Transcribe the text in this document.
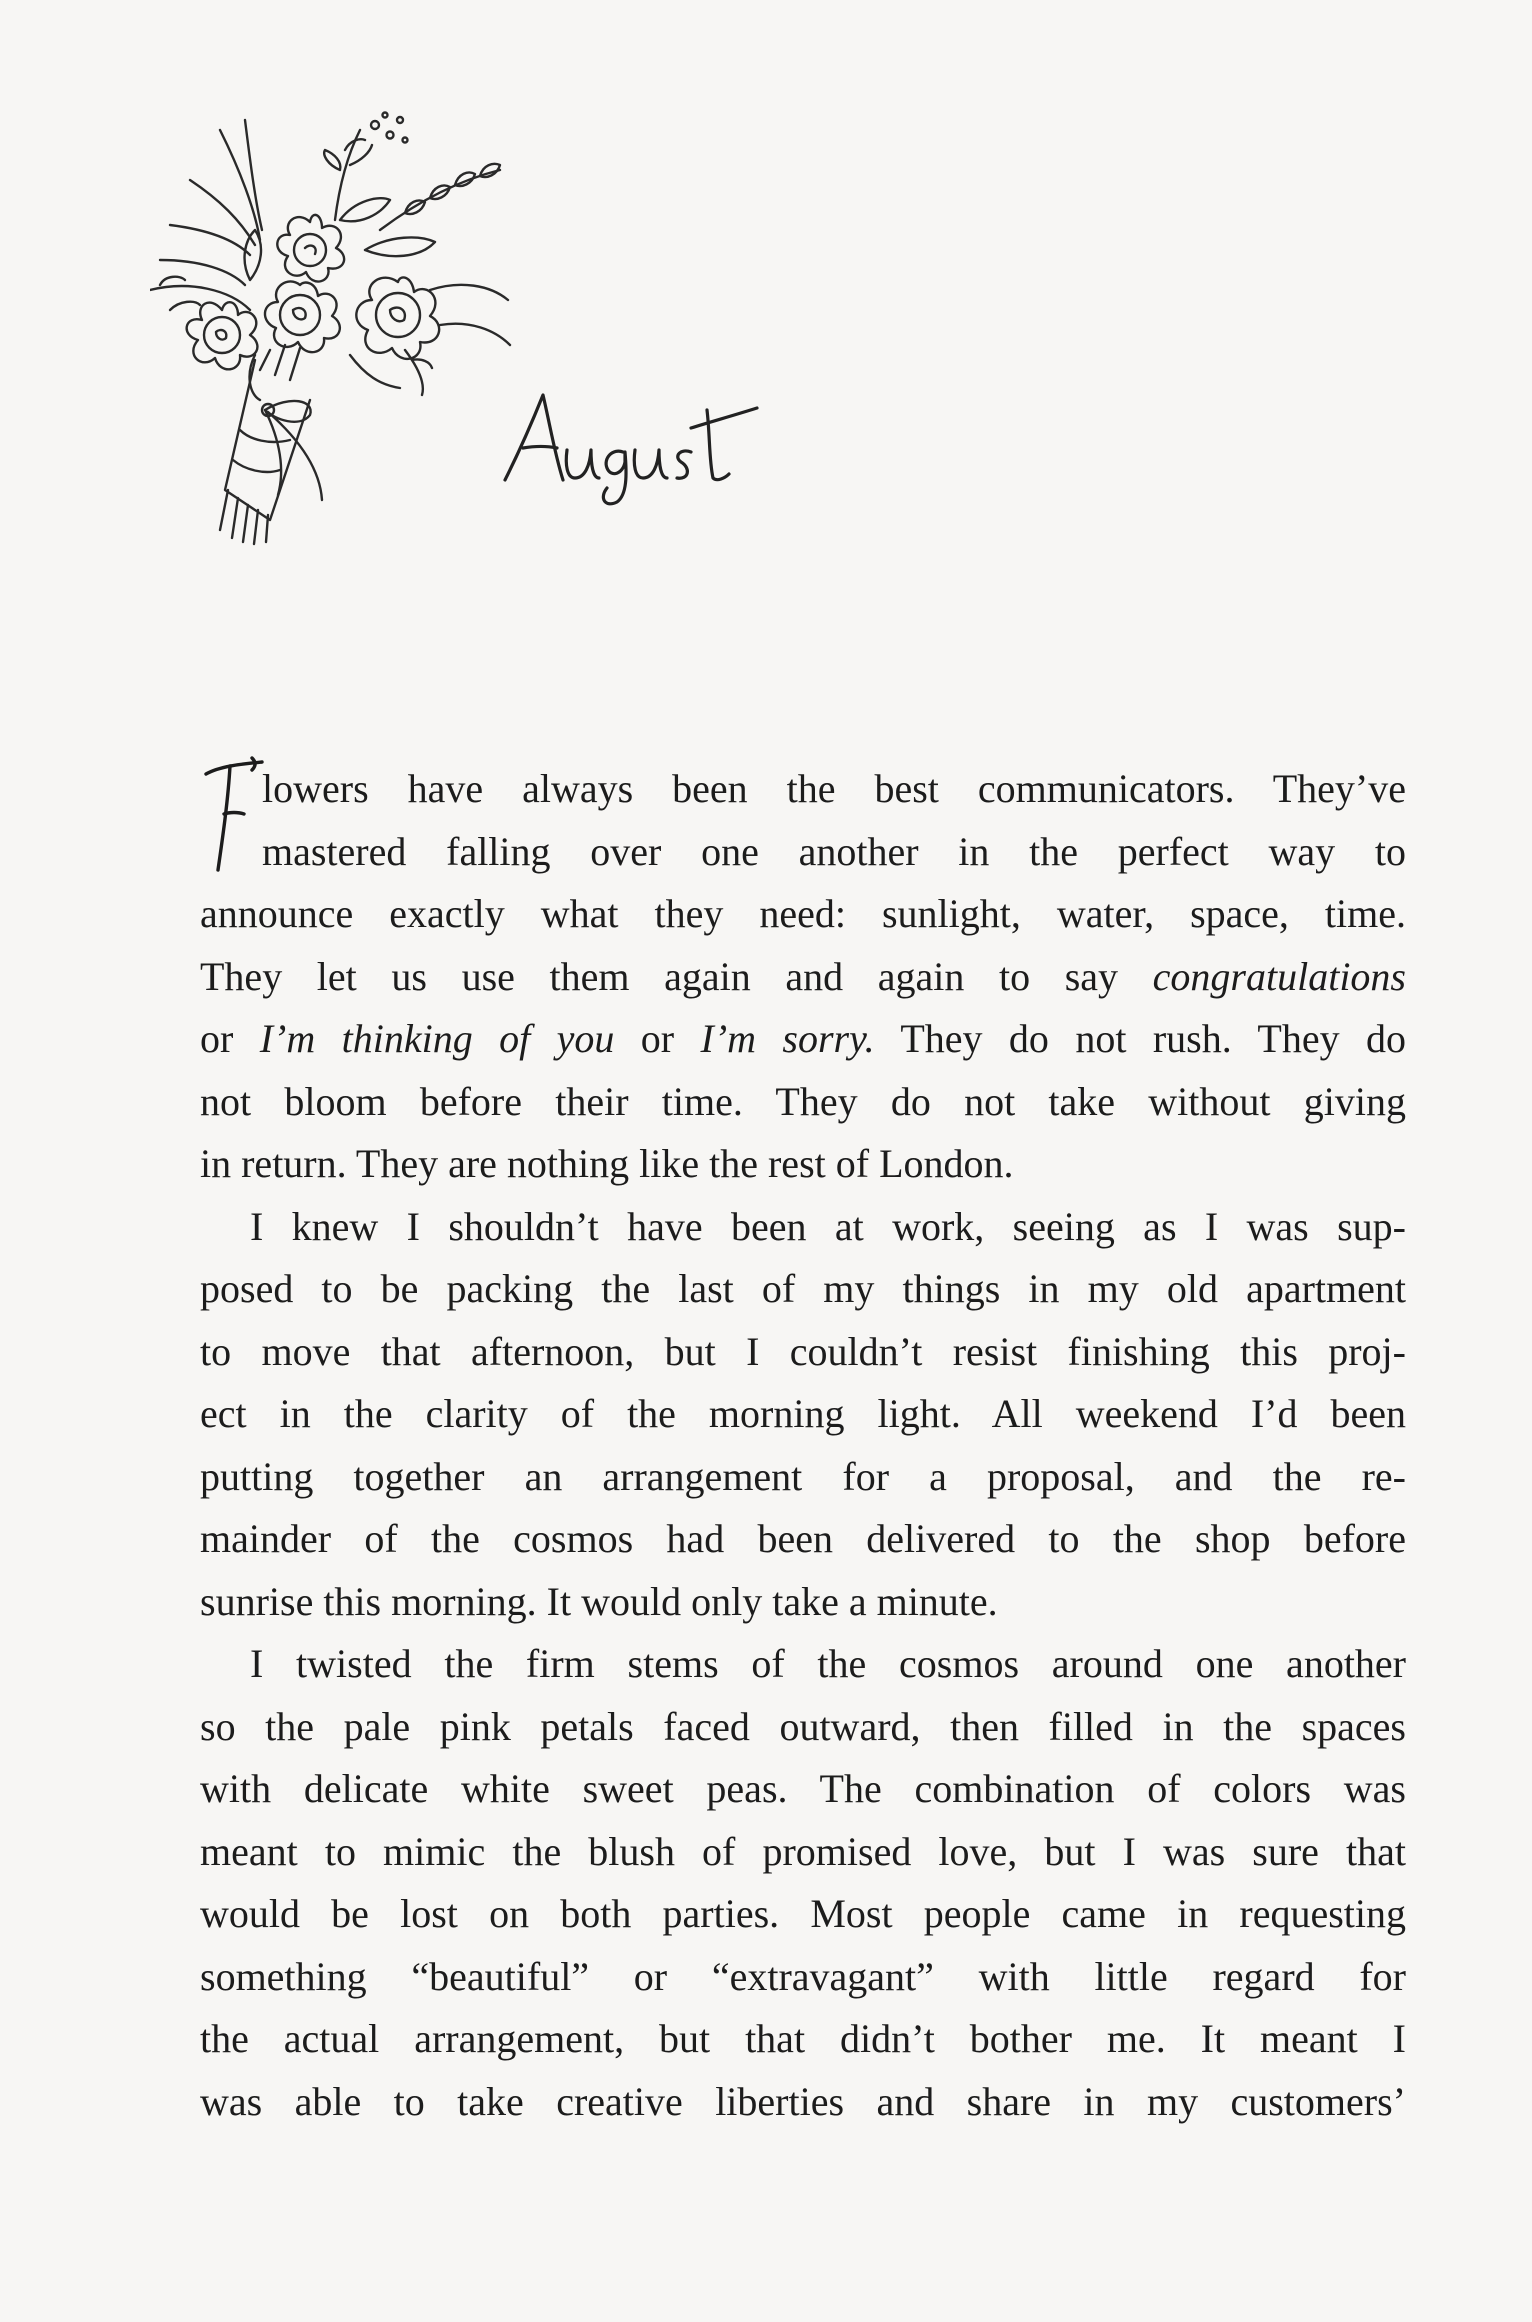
lowers have always been the best communicators. They’ve

mastered falling over one another in the perfect way to

announce exactly what they need: sunlight, water, space, time.

They let us use them again and again to say congratulations

or I’m thinking of you or I’m sorry. They do not rush. They do

not bloom before their time. They do not take without giving

in return. They are nothing like the rest of London.

I knew I shouldn’t have been at work, seeing as I was sup-

posed to be packing the last of my things in my old apartment

to move that afternoon, but I couldn’t resist finishing this proj-

ect in the clarity of the morning light. All weekend I’d been

putting together an arrangement for a proposal, and the re-

mainder of the cosmos had been delivered to the shop before

sunrise this morning. It would only take a minute.

I twisted the firm stems of the cosmos around one another

so the pale pink petals faced outward, then filled in the spaces

with delicate white sweet peas. The combination of colors was

meant to mimic the blush of promised love, but I was sure that

would be lost on both parties. Most people came in requesting

something “beautiful” or “extravagant” with little regard for

the actual arrangement, but that didn’t bother me. It meant I

was able to take creative liberties and share in my customers’
